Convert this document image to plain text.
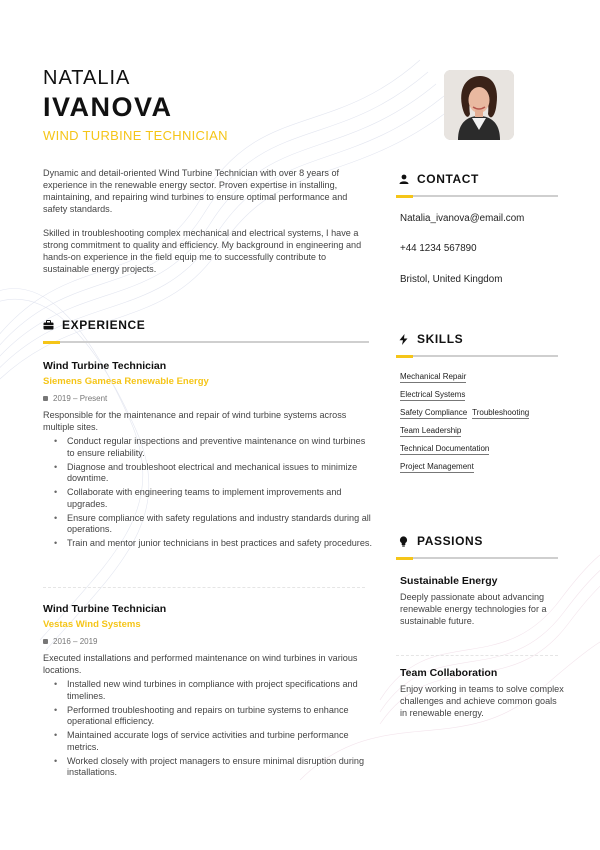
NATALIA
IVANOVA
WIND TURBINE TECHNICIAN

Dynamic and detail-oriented Wind Turbine Technician with over 8 years of experience in the renewable energy sector. Proven expertise in installing, maintaining, and repairing wind turbines to ensure optimal performance and safety standards.

Skilled in troubleshooting complex mechanical and electrical systems, I have a strong commitment to quality and efficiency. My background in engineering and hands-on experience in the field equip me to successfully contribute to sustainable energy projects.

EXPERIENCE
Wind Turbine Technician
Siemens Gamesa Renewable Energy
2019 – Present
Responsible for the maintenance and repair of wind turbine systems across multiple sites.
• Conduct regular inspections and preventive maintenance on wind turbines to ensure reliability.
• Diagnose and troubleshoot electrical and mechanical issues to minimize downtime.
• Collaborate with engineering teams to implement improvements and upgrades.
• Ensure compliance with safety regulations and industry standards during all operations.
• Train and mentor junior technicians in best practices and safety procedures.
Wind Turbine Technician
Vestas Wind Systems
2016 – 2019
Executed installations and performed maintenance on wind turbines in various locations.
• Installed new wind turbines in compliance with project specifications and timelines.
• Performed troubleshooting and repairs on turbine systems to enhance operational efficiency.
• Maintained accurate logs of service activities and turbine performance metrics.
• Worked closely with project managers to ensure minimal disruption during installations.
CONTACT
Natalia_ivanova@email.com
+44 1234 567890
Bristol, United Kingdom
SKILLS
Mechanical Repair
Electrical Systems
Safety Compliance Troubleshooting
Team Leadership
Technical Documentation
Project Management
PASSIONS
Sustainable Energy
Deeply passionate about advancing renewable energy technologies for a sustainable future.
Team Collaboration
Enjoy working in teams to solve complex challenges and achieve common goals in renewable energy.
